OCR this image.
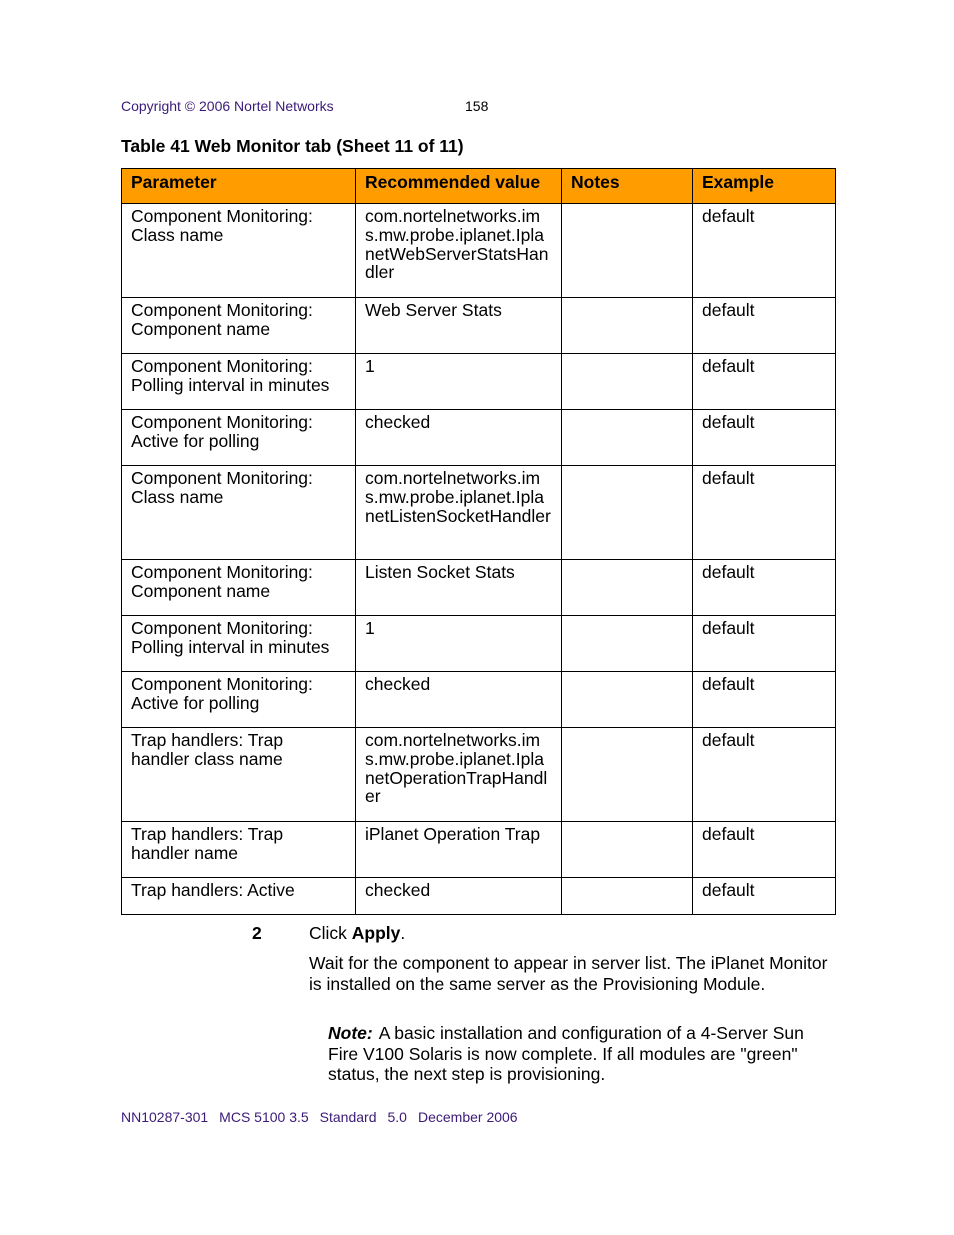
Copyright © 2006 Nortel Networks	158
Table 41 Web Monitor tab (Sheet 11 of 11)
Parameter	Recommended value	Notes	Example
Component Monitoring: Class name	com.nortelnetworks.ims.mw.probe.iplanet.IplanetWebServerStatsHandler		default
Component Monitoring: Component name	Web Server Stats		default
Component Monitoring: Polling interval in minutes	1		default
Component Monitoring: Active for polling	checked		default
Component Monitoring: Class name	com.nortelnetworks.ims.mw.probe.iplanet.IplanetListenSocketHandler		default
Component Monitoring: Component name	Listen Socket Stats		default
Component Monitoring: Polling interval in minutes	1		default
Component Monitoring: Active for polling	checked		default
Trap handlers: Trap handler class name	com.nortelnetworks.ims.mw.probe.iplanet.IplanetOperationTrapHandler		default
Trap handlers: Trap handler name	iPlanet Operation Trap		default
Trap handlers: Active	checked		default
2	Click Apply.
Wait for the component to appear in server list. The iPlanet Monitor is installed on the same server as the Provisioning Module.
Note: A basic installation and configuration of a 4-Server Sun Fire V100 Solaris is now complete. If all modules are "green" status, the next step is provisioning.
NN10287-301 MCS 5100 3.5 Standard 5.0 December 2006
